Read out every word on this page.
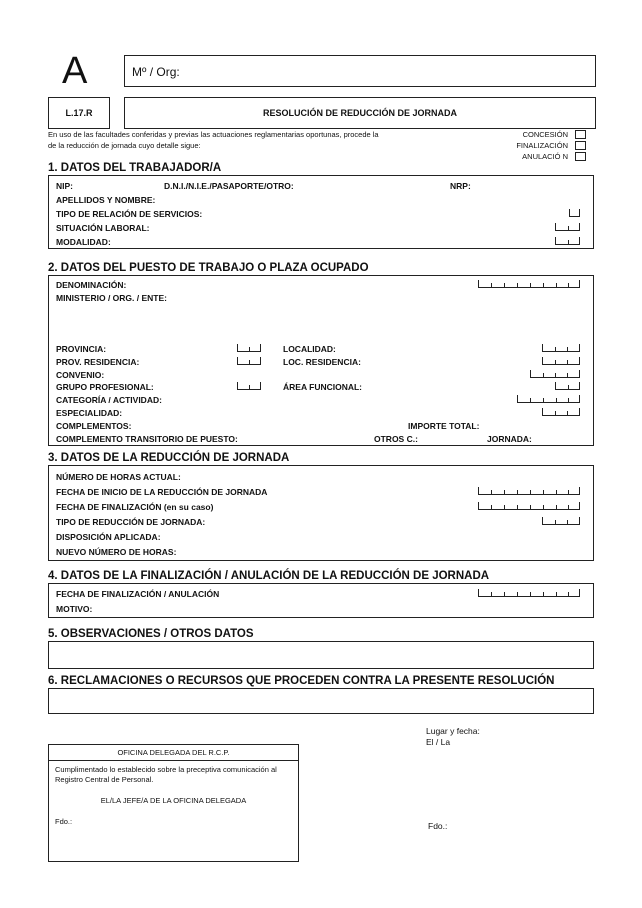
A	Mº / Org:
L.17.R	RESOLUCIÓN DE REDUCCIÓN DE JORNADA
En uso de las facultades conferidas y previas las actuaciones reglamentarias oportunas, procede la
de la reducción de jornada cuyo detalle sigue:
CONCESIÓN
FINALIZACIÓN
ANULACIÓ N
1. DATOS DEL TRABAJADOR/A
NIP:	D.N.I./N.I.E./PASAPORTE/OTRO:	NRP:
APELLIDOS Y NOMBRE:
TIPO DE RELACIÓN DE SERVICIOS:
SITUACIÓN LABORAL:
MODALIDAD:
2. DATOS DEL PUESTO DE TRABAJO O PLAZA OCUPADO
DENOMINACIÓN:
MINISTERIO / ORG. / ENTE:
PROVINCIA:	LOCALIDAD:
PROV. RESIDENCIA:	LOC. RESIDENCIA:
CONVENIO:
GRUPO PROFESIONAL:	ÁREA FUNCIONAL:
CATEGORÍA / ACTIVIDAD:
ESPECIALIDAD:
COMPLEMENTOS:	IMPORTE TOTAL:
COMPLEMENTO TRANSITORIO DE PUESTO:	OTROS C.:	JORNADA:
3. DATOS DE LA REDUCCIÓN DE JORNADA
NÚMERO DE HORAS ACTUAL:
FECHA DE INICIO DE LA REDUCCIÓN DE JORNADA
FECHA DE FINALIZACIÓN (en su caso)
TIPO DE REDUCCIÓN DE JORNADA:
DISPOSICIÓN APLICADA:
NUEVO NÚMERO DE HORAS:
4. DATOS DE LA FINALIZACIÓN / ANULACIÓN DE LA REDUCCIÓN DE JORNADA
FECHA DE FINALIZACIÓN / ANULACIÓN
MOTIVO:
5. OBSERVACIONES / OTROS DATOS
6. RECLAMACIONES O RECURSOS QUE PROCEDEN CONTRA LA PRESENTE RESOLUCIÓN
Lugar y fecha:
El / La
Fdo.:
OFICINA DELEGADA DEL R.C.P.
Cumplimentado lo establecido sobre la preceptiva comunicación al
Registro Central de Personal.
EL/LA JEFE/A DE LA OFICINA DELEGADA
Fdo.:
